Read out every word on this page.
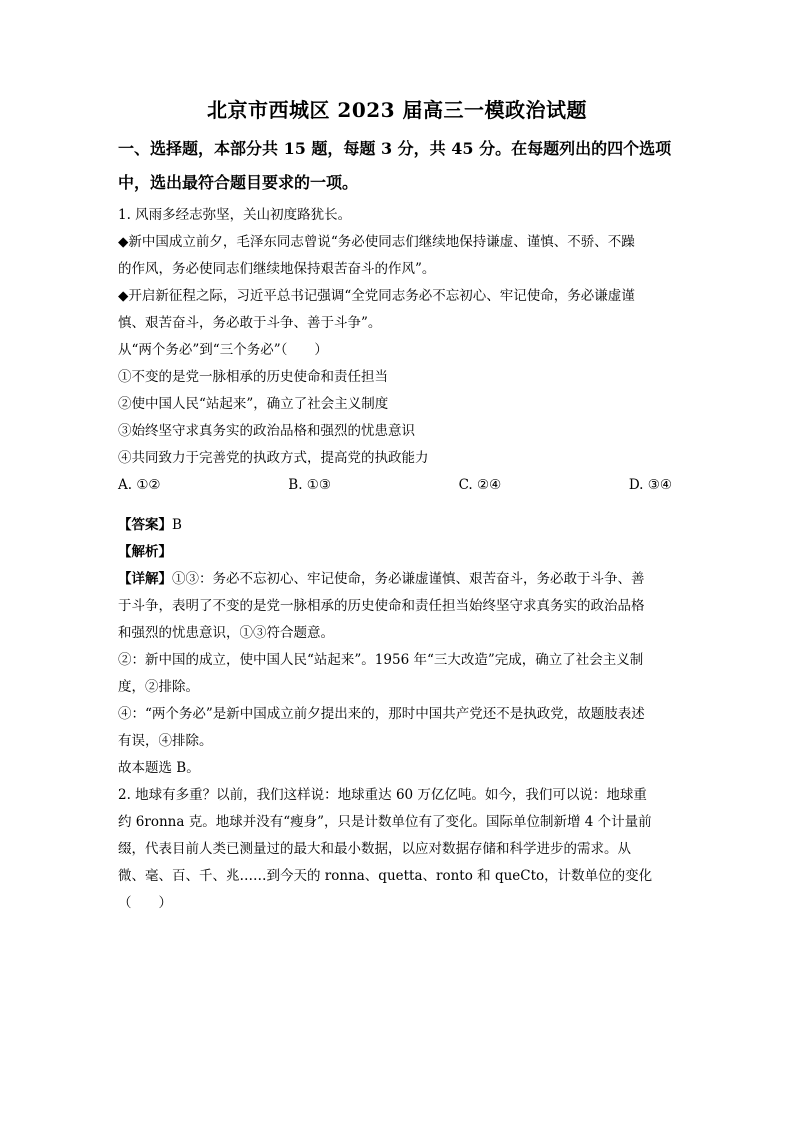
北京市西城区 2023 届高三一模政治试题
一、选择题，本部分共 15 题，每题 3 分，共 45 分。在每题列出的四个选项
中，选出最符合题目要求的一项。
1. 风雨多经志弥坚，关山初度路犹长。
◆新中国成立前夕，毛泽东同志曾说“务必使同志们继续地保持谦虚、谨慎、不骄、不躁
的作风，务必使同志们继续地保持艰苦奋斗的作风”。
◆开启新征程之际，习近平总书记强调“全党同志务必不忘初心、牢记使命，务必谦虚谨
慎、艰苦奋斗，务必敢于斗争、善于斗争”。
从“两个务必”到“三个务必”（　　）
①不变的是党一脉相承的历史使命和责任担当
②使中国人民“站起来”，确立了社会主义制度
③始终坚守求真务实的政治品格和强烈的忧患意识
④共同致力于完善党的执政方式，提高党的执政能力
A. ①②	B. ①③	C. ②④	D. ③④
【答案】B
【解析】
【详解】①③：务必不忘初心、牢记使命，务必谦虚谨慎、艰苦奋斗，务必敢于斗争、善
于斗争，表明了不变的是党一脉相承的历史使命和责任担当始终坚守求真务实的政治品格
和强烈的忧患意识，①③符合题意。
②：新中国的成立，使中国人民“站起来”。1956 年“三大改造”完成，确立了社会主义制
度，②排除。
④：“两个务必”是新中国成立前夕提出来的，那时中国共产党还不是执政党，故题肢表述
有误，④排除。
故本题选 B。
2. 地球有多重？以前，我们这样说：地球重达 60 万亿亿吨。如今，我们可以说：地球重
约 6ronna 克。地球并没有“瘦身”，只是计数单位有了变化。国际单位制新增 4 个计量前
缀，代表目前人类已测量过的最大和最小数据，以应对数据存储和科学进步的需求。从
微、毫、百、千、兆……到今天的 ronna、quetta、ronto 和 queCto，计数单位的变化
（　　）
